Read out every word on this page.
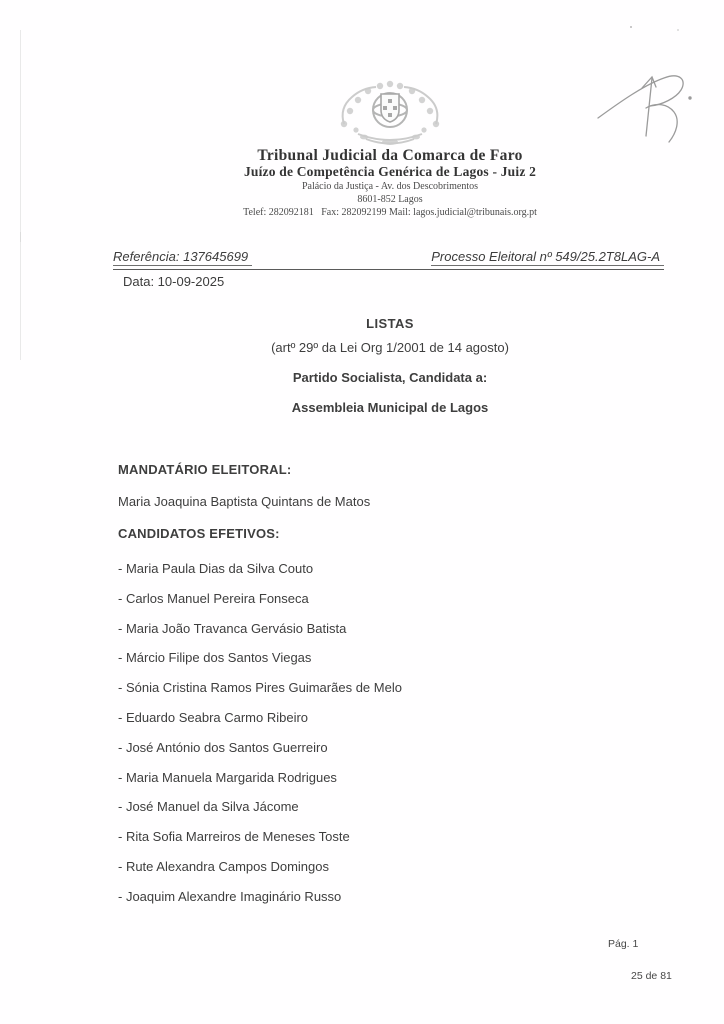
Tribunal Judicial da Comarca de Faro
Juízo de Competência Genérica de Lagos - Juiz 2
Palácio da Justiça - Av. dos Descobrimentos
8601-852 Lagos
Telef: 282092181   Fax: 282092199 Mail: lagos.judicial@tribunais.org.pt
Referência: 137645699	Processo Eleitoral nº 549/25.2T8LAG-A
Data: 10-09-2025
LISTAS
(artº 29º da Lei Org 1/2001 de 14 agosto)
Partido Socialista, Candidata a:
Assembleia Municipal de Lagos
MANDATÁRIO ELEITORAL:
Maria Joaquina Baptista Quintans de Matos
CANDIDATOS EFETIVOS:
- Maria Paula Dias da Silva Couto
- Carlos Manuel Pereira Fonseca
- Maria João Travanca Gervásio Batista
- Márcio Filipe dos Santos Viegas
- Sónia Cristina Ramos Pires Guimarães de Melo
- Eduardo Seabra Carmo Ribeiro
- José António dos Santos Guerreiro
- Maria Manuela Margarida Rodrigues
- José Manuel da Silva Jácome
- Rita Sofia Marreiros de Meneses Toste
- Rute Alexandra Campos Domingos
- Joaquim Alexandre Imaginário Russo
Pág. 1
25 de 81
